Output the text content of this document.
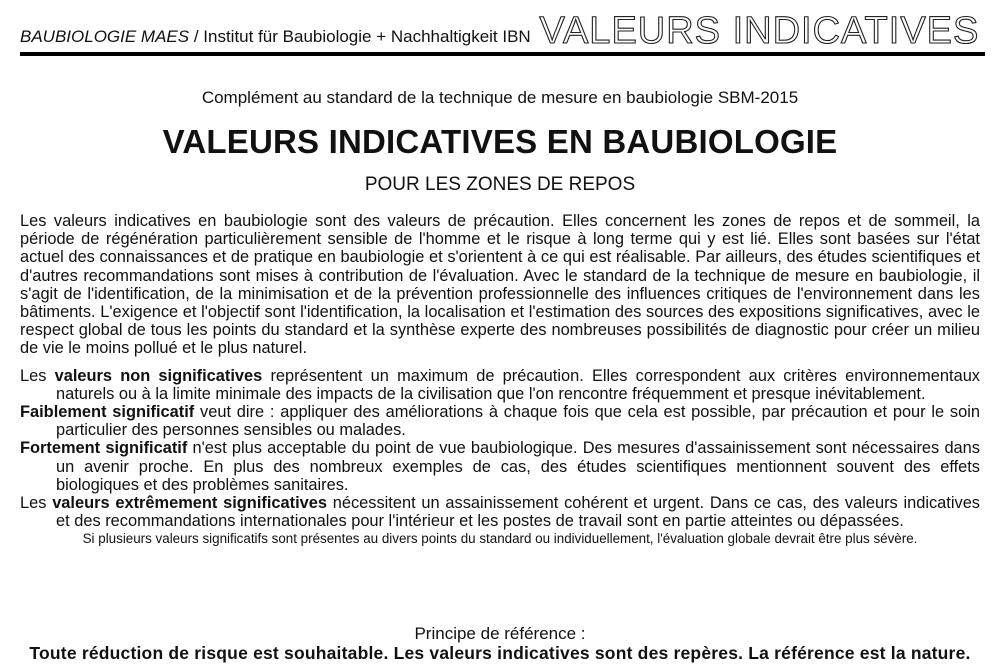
BAUBIOLOGIE MAES / Institut für Baubiologie + Nachhaltigkeit IBN VALEURS INDICATIVES
Complément au standard de la technique de mesure en baubiologie SBM-2015
VALEURS INDICATIVES EN BAUBIOLOGIE
POUR LES ZONES DE REPOS

Les valeurs indicatives en baubiologie sont des valeurs de précaution. Elles concernent les zones de repos et de sommeil, la période de régénération particulièrement sensible de l'homme et le risque à long terme qui y est lié. Elles sont basées sur l'état actuel des connaissances et de pratique en baubiologie et s'orientent à ce qui est réalisable. Par ailleurs, des études scientifiques et d'autres recommandations sont mises à contribution de l'évaluation. Avec le standard de la technique de mesure en baubiologie, il s'agit de l'identification, de la minimisation et de la prévention professionnelle des influences critiques de l'environnement dans les bâtiments. L'exigence et l'objectif sont l'identification, la localisation et l'estimation des sources des expositions significatives, avec le respect global de tous les points du standard et la synthèse experte des nombreuses possibilités de diagnostic pour créer un milieu de vie le moins pollué et le plus naturel.

Les valeurs non significatives représentent un maximum de précaution. Elles correspondent aux critères environnementaux naturels ou à la limite minimale des impacts de la civilisation que l'on rencontre fréquemment et presque inévitablement.

Faiblement significatif veut dire : appliquer des améliorations à chaque fois que cela est possible, par précaution et pour le soin particulier des personnes sensibles ou malades.

Fortement significatif n'est plus acceptable du point de vue baubiologique. Des mesures d'assainissement sont nécessaires dans un avenir proche. En plus des nombreux exemples de cas, des études scientifiques mentionnent souvent des effets biologiques et des problèmes sanitaires.

Les valeurs extrêmement significatives nécessitent un assainissement cohérent et urgent. Dans ce cas, des valeurs indicatives et des recommandations internationales pour l'intérieur et les postes de travail sont en partie atteintes ou dépassées.

Si plusieurs valeurs significatifs sont présentes au divers points du standard ou individuellement, l'évaluation globale devrait être plus sévère.

Principe de référence :
Toute réduction de risque est souhaitable. Les valeurs indicatives sont des repères. La référence est la nature.
